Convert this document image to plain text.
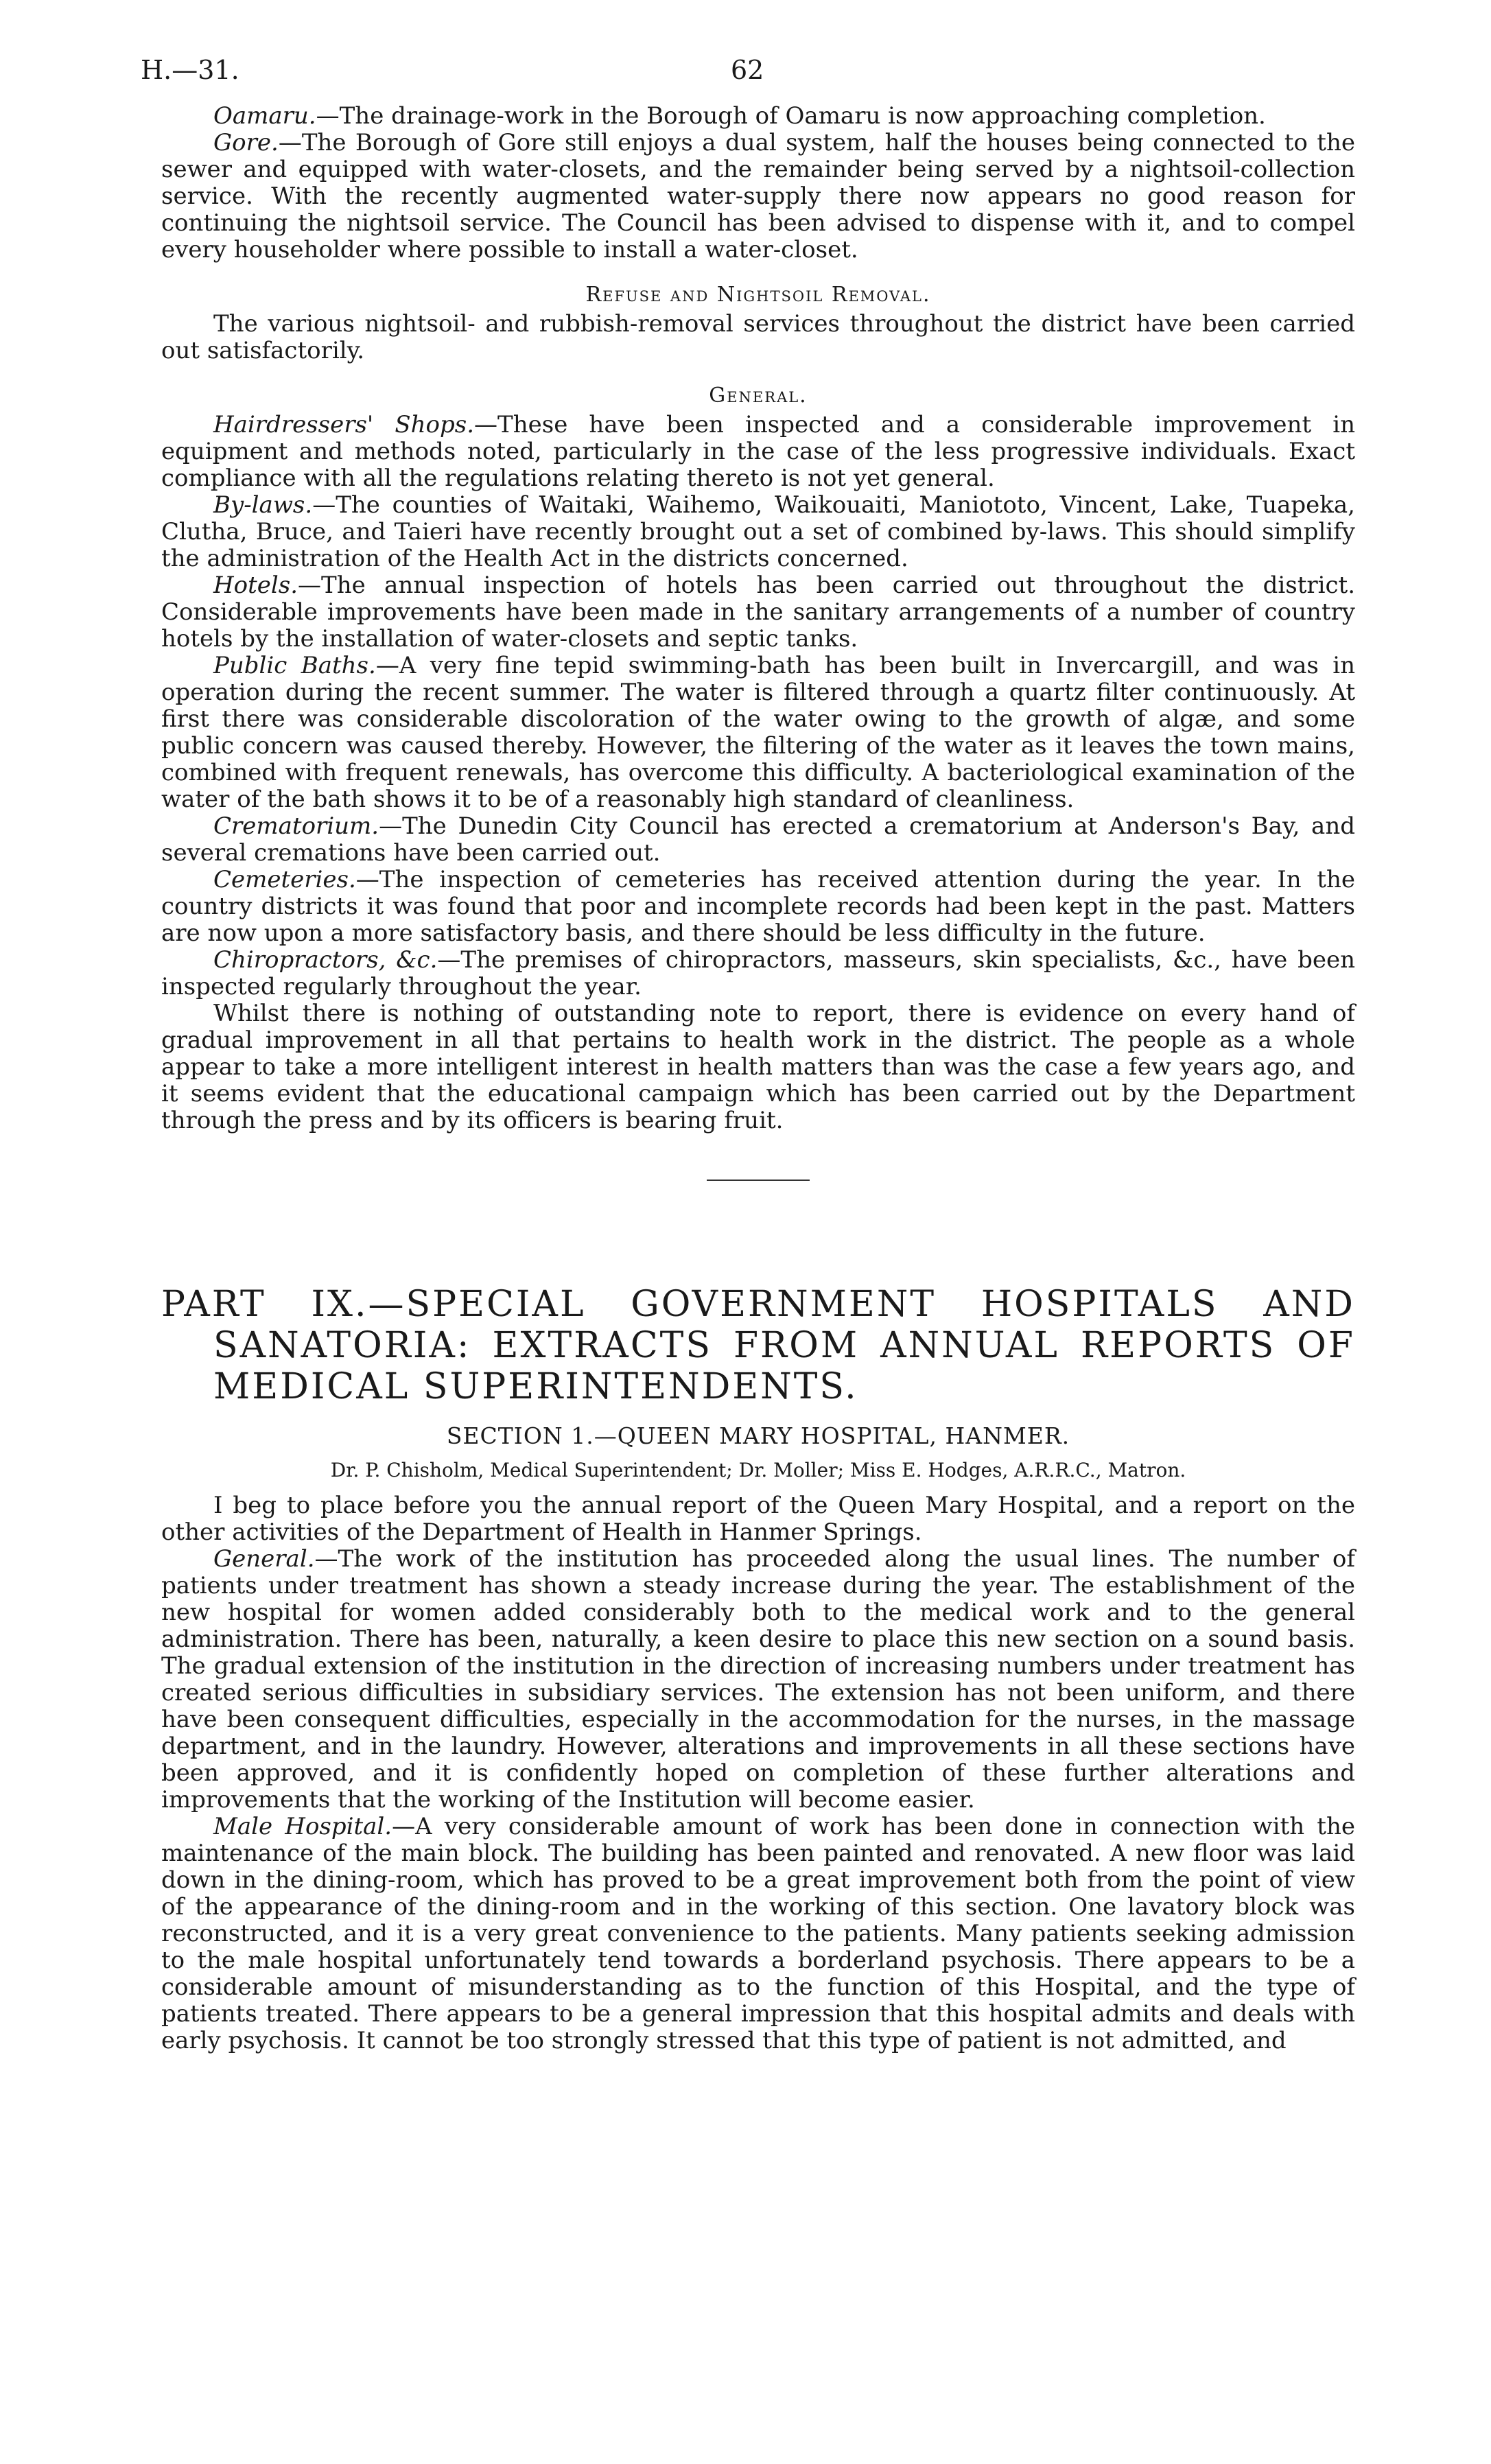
H.—31.	62

Oamaru.—The drainage-work in the Borough of Oamaru is now approaching completion.

Gore.—The Borough of Gore still enjoys a dual system, half the houses being connected to the sewer and equipped with water-closets, and the remainder being served by a nightsoil-collection service. With the recently augmented water-supply there now appears no good reason for continuing the nightsoil service. The Council has been advised to dispense with it, and to compel every householder where possible to install a water-closet.

Refuse and Nightsoil Removal.

The various nightsoil- and rubbish-removal services throughout the district have been carried out satisfactorily.

General.

Hairdressers' Shops.—These have been inspected and a considerable improvement in equipment and methods noted, particularly in the case of the less progressive individuals. Exact compliance with all the regulations relating thereto is not yet general.

By-laws.—The counties of Waitaki, Waihemo, Waikouaiti, Maniototo, Vincent, Lake, Tuapeka, Clutha, Bruce, and Taieri have recently brought out a set of combined by-laws. This should simplify the administration of the Health Act in the districts concerned.

Hotels.—The annual inspection of hotels has been carried out throughout the district. Considerable improvements have been made in the sanitary arrangements of a number of country hotels by the installation of water-closets and septic tanks.

Public Baths.—A very fine tepid swimming-bath has been built in Invercargill, and was in operation during the recent summer. The water is filtered through a quartz filter continuously. At first there was considerable discoloration of the water owing to the growth of algæ, and some public concern was caused thereby. However, the filtering of the water as it leaves the town mains, combined with frequent renewals, has overcome this difficulty. A bacteriological examination of the water of the bath shows it to be of a reasonably high standard of cleanliness.

Crematorium.—The Dunedin City Council has erected a crematorium at Anderson's Bay, and several cremations have been carried out.

Cemeteries.—The inspection of cemeteries has received attention during the year. In the country districts it was found that poor and incomplete records had been kept in the past. Matters are now upon a more satisfactory basis, and there should be less difficulty in the future.

Chiropractors, &c.—The premises of chiropractors, masseurs, skin specialists, &c., have been inspected regularly throughout the year.

Whilst there is nothing of outstanding note to report, there is evidence on every hand of gradual improvement in all that pertains to health work in the district. The people as a whole appear to take a more intelligent interest in health matters than was the case a few years ago, and it seems evident that the educational campaign which has been carried out by the Department through the press and by its officers is bearing fruit.

PART IX.—SPECIAL GOVERNMENT HOSPITALS AND SANATORIA: EXTRACTS FROM ANNUAL REPORTS OF MEDICAL SUPERINTENDENTS.
SECTION 1.—QUEEN MARY HOSPITAL, HANMER.
Dr. P. Chisholm, Medical Superintendent; Dr. Moller; Miss E. Hodges, A.R.R.C., Matron.

I beg to place before you the annual report of the Queen Mary Hospital, and a report on the other activities of the Department of Health in Hanmer Springs.

General.—The work of the institution has proceeded along the usual lines. The number of patients under treatment has shown a steady increase during the year. The establishment of the new hospital for women added considerably both to the medical work and to the general administration. There has been, naturally, a keen desire to place this new section on a sound basis. The gradual extension of the institution in the direction of increasing numbers under treatment has created serious difficulties in subsidiary services. The extension has not been uniform, and there have been consequent difficulties, especially in the accommodation for the nurses, in the massage department, and in the laundry. However, alterations and improvements in all these sections have been approved, and it is confidently hoped on completion of these further alterations and improvements that the working of the Institution will become easier.

Male Hospital.—A very considerable amount of work has been done in connection with the maintenance of the main block. The building has been painted and renovated. A new floor was laid down in the dining-room, which has proved to be a great improvement both from the point of view of the appearance of the dining-room and in the working of this section. One lavatory block was reconstructed, and it is a very great convenience to the patients. Many patients seeking admission to the male hospital unfortunately tend towards a borderland psychosis. There appears to be a considerable amount of misunderstanding as to the function of this Hospital, and the type of patients treated. There appears to be a general impression that this hospital admits and deals with early psychosis. It cannot be too strongly stressed that this type of patient is not admitted, and
